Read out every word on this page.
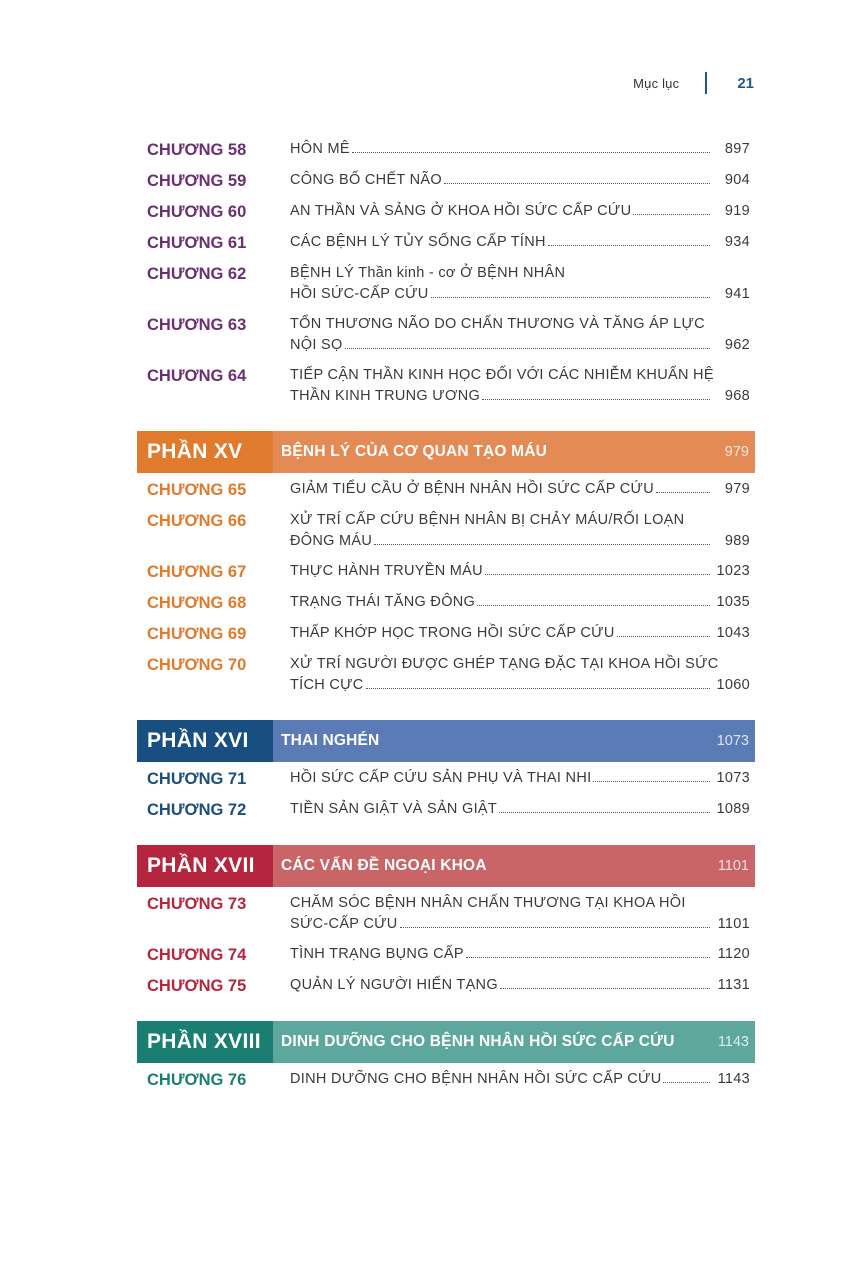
Mục lục	21
CHƯƠNG 58	HÔN MÊ	897
CHƯƠNG 59	CÔNG BỐ CHẾT NÃO	904
CHƯƠNG 60	AN THẦN VÀ SẢNG Ở KHOA HỒI SỨC CẤP CỨU	919
CHƯƠNG 61	CÁC BỆNH LÝ TỦY SỐNG CẤP TÍNH	934
CHƯƠNG 62	BỆNH LÝ Thần kinh - cơ Ở BỆNH NHÂN
HỒI SỨC-CẤP CỨU	941
CHƯƠNG 63	TỔN THƯƠNG NÃO DO CHẤN THƯƠNG VÀ TĂNG ÁP LỰC
NỘI SỌ	962
CHƯƠNG 64	TIẾP CẬN THẦN KINH HỌC ĐỐI VỚI CÁC NHIỄM KHUẨN HỆ
THẦN KINH TRUNG ƯƠNG	968
PHẦN XV	BỆNH LÝ CỦA CƠ QUAN TẠO MÁU	979
CHƯƠNG 65	GIẢM TIỂU CẦU Ở BỆNH NHÂN HỒI SỨC CẤP CỨU	979
CHƯƠNG 66	XỬ TRÍ CẤP CỨU BỆNH NHÂN BỊ CHẢY MÁU/RỐI LOẠN
ĐÔNG MÁU	989
CHƯƠNG 67	THỰC HÀNH TRUYỀN MÁU	1023
CHƯƠNG 68	TRẠNG THÁI TĂNG ĐÔNG	1035
CHƯƠNG 69	THẤP KHỚP HỌC TRONG HỒI SỨC CẤP CỨU	1043
CHƯƠNG 70	XỬ TRÍ NGƯỜI ĐƯỢC GHÉP TẠNG ĐẶC TẠI KHOA HỒI SỨC
TÍCH CỰC	1060
PHẦN XVI	THAI NGHÉN	1073
CHƯƠNG 71	HỒI SỨC CẤP CỨU SẢN PHỤ VÀ THAI NHI	1073
CHƯƠNG 72	TIỀN SẢN GIẬT VÀ SẢN GIẬT	1089
PHẦN XVII	CÁC VẤN ĐỀ NGOẠI KHOA	1101
CHƯƠNG 73	CHĂM SÓC BỆNH NHÂN CHẤN THƯƠNG TẠI KHOA HỒI
SỨC-CẤP CỨU	1101
CHƯƠNG 74	TÌNH TRẠNG BỤNG CẤP	1120
CHƯƠNG 75	QUẢN LÝ NGƯỜI HIẾN TẠNG	1131
PHẦN XVIII	DINH DƯỠNG CHO BỆNH NHÂN HỒI SỨC CẤP CỨU	1143
CHƯƠNG 76	DINH DƯỠNG CHO BỆNH NHÂN HỒI SỨC CẤP CỨU	1143
